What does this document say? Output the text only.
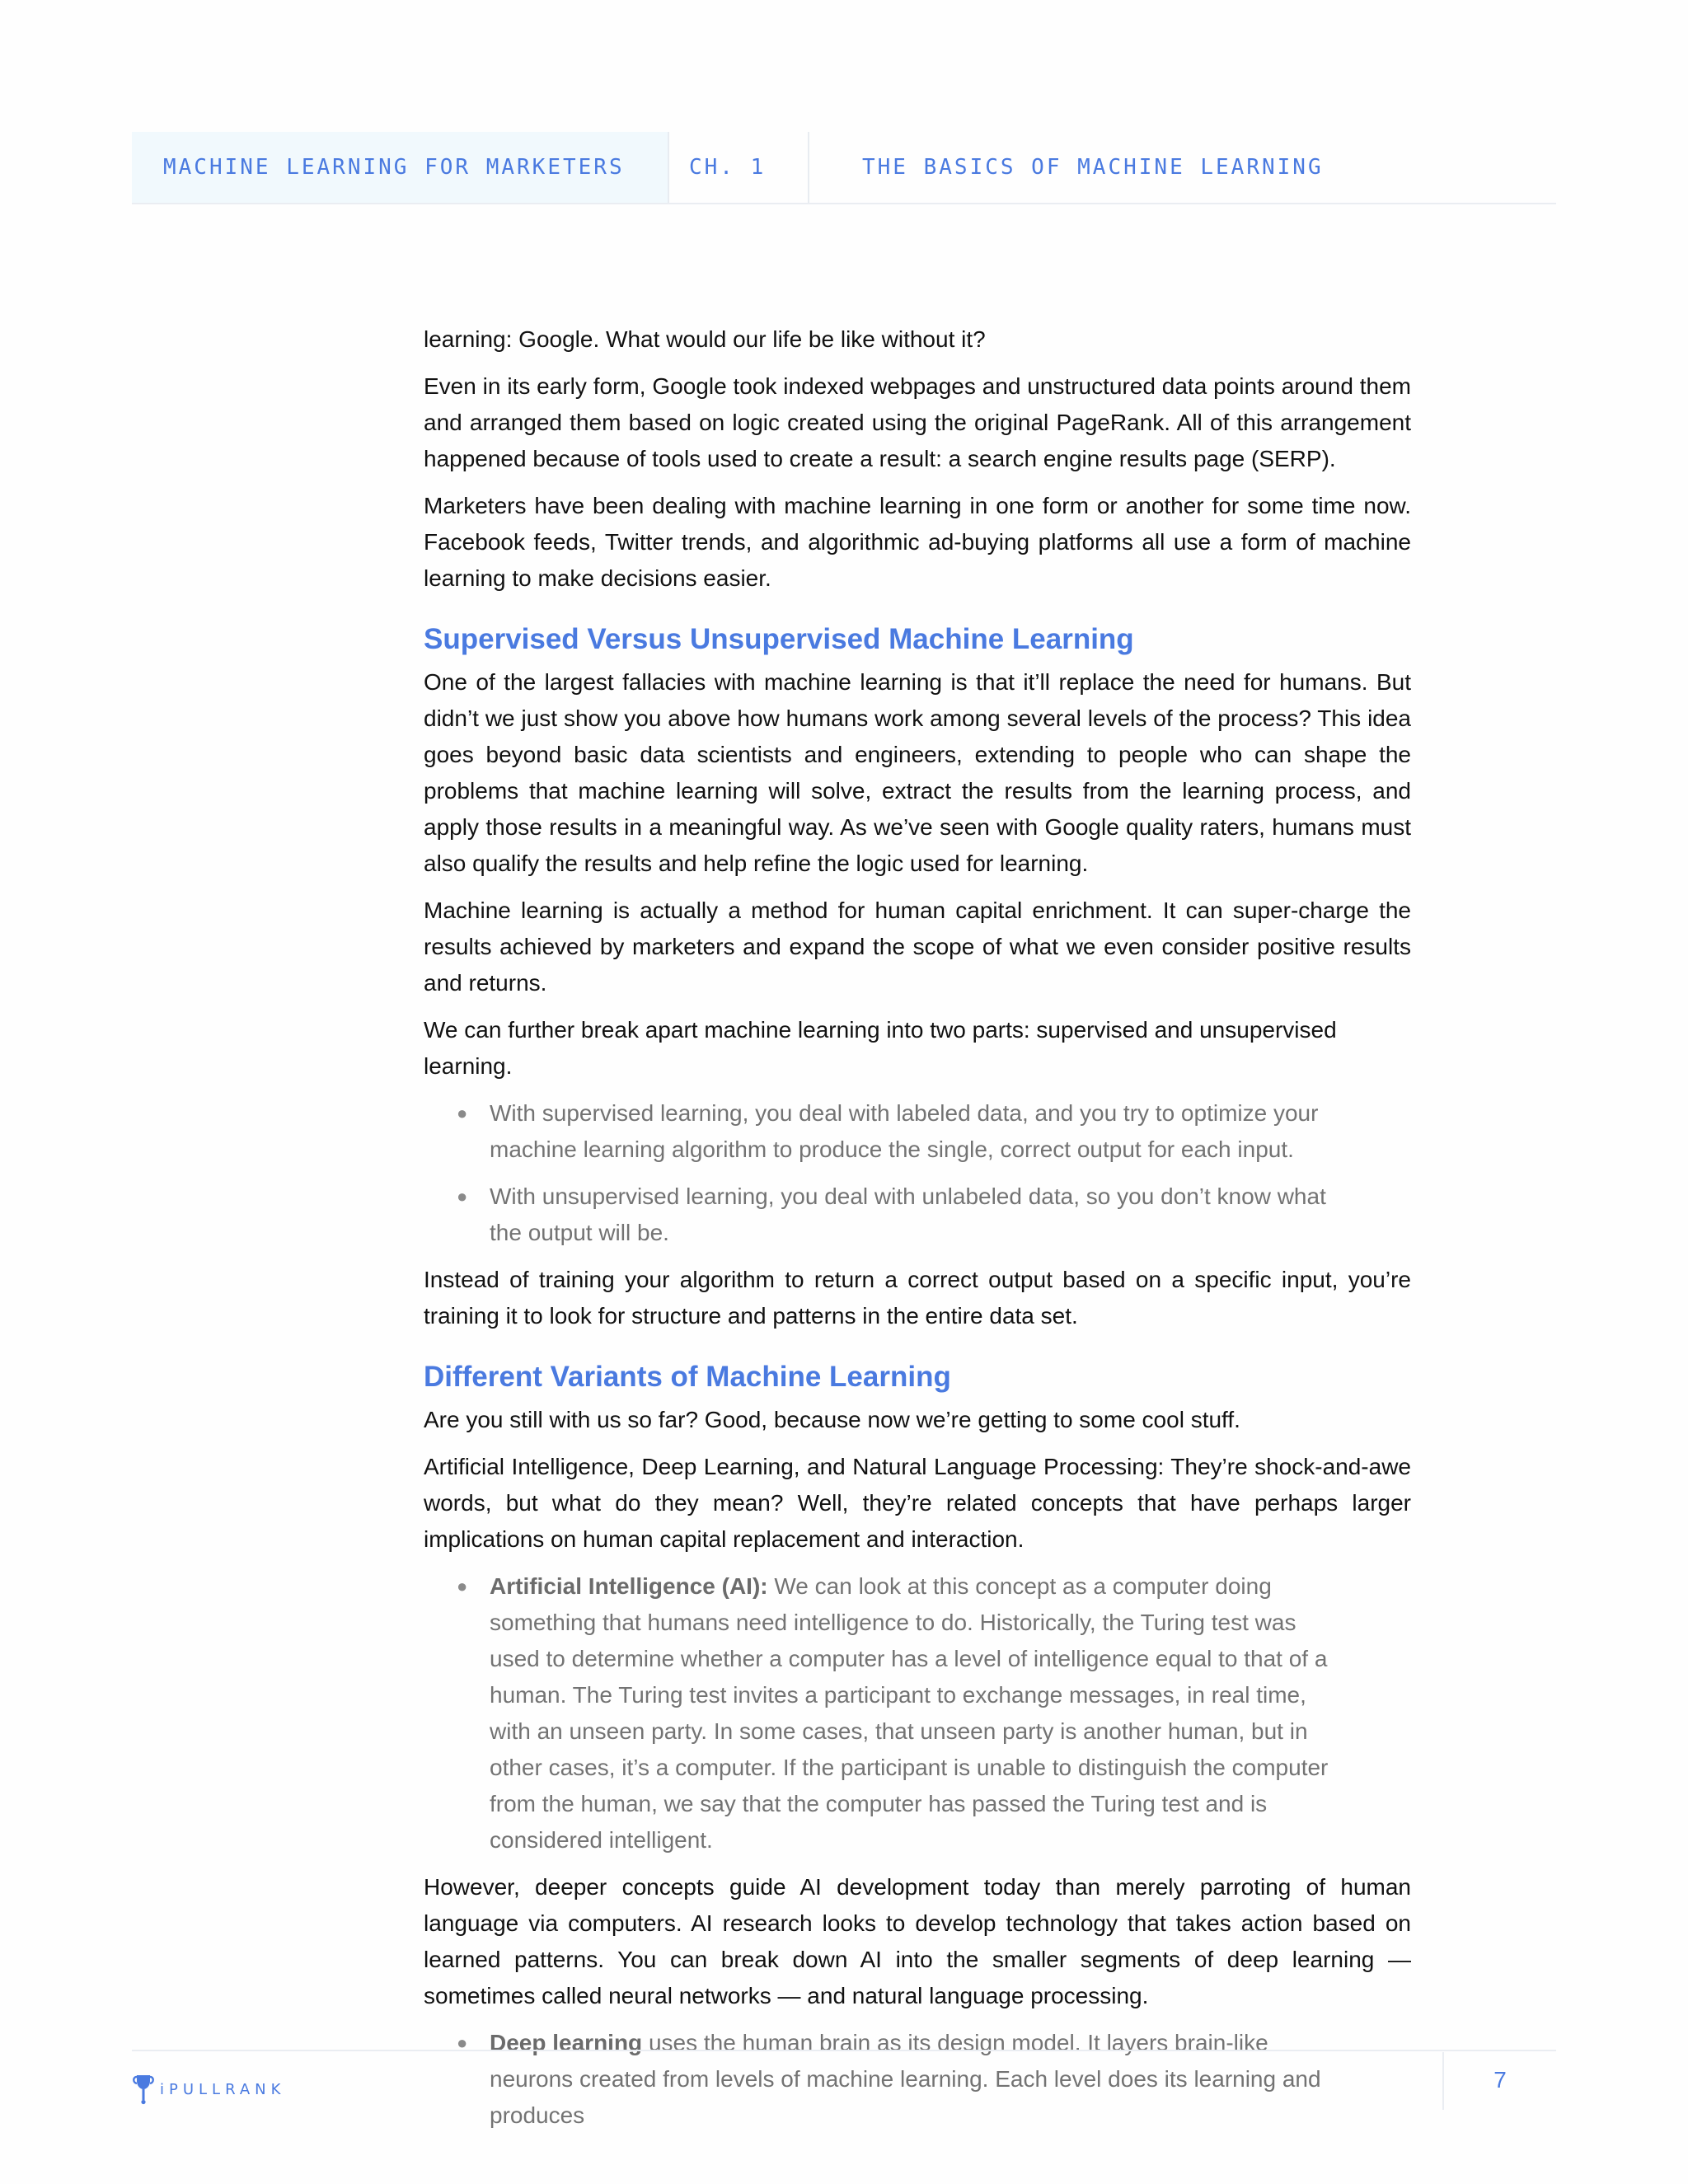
MACHINE LEARNING FOR MARKETERS	CH. 1	THE BASICS OF MACHINE LEARNING

learning: Google. What would our life be like without it?

Even in its early form, Google took indexed webpages and unstructured data points around them and arranged them based on logic created using the original PageRank. All of this arrangement happened because of tools used to create a result: a search engine results page (SERP).

Marketers have been dealing with machine learning in one form or another for some time now. Facebook feeds, Twitter trends, and algorithmic ad-buying platforms all use a form of machine learning to make decisions easier.

Supervised Versus Unsupervised Machine Learning

One of the largest fallacies with machine learning is that it’ll replace the need for humans. But didn’t we just show you above how humans work among several levels of the process? This idea goes beyond basic data scientists and engineers, extending to people who can shape the problems that machine learning will solve, extract the results from the learning process, and apply those results in a meaningful way. As we’ve seen with Google quality raters, humans must also qualify the results and help refine the logic used for learning.

Machine learning is actually a method for human capital enrichment. It can super-charge the results achieved by marketers and expand the scope of what we even consider positive results and returns.

We can further break apart machine learning into two parts: supervised and unsupervised learning.

● With supervised learning, you deal with labeled data, and you try to optimize your machine learning algorithm to produce the single, correct output for each input.
● With unsupervised learning, you deal with unlabeled data, so you don’t know what the output will be.

Instead of training your algorithm to return a correct output based on a specific input, you’re training it to look for structure and patterns in the entire data set.

Different Variants of Machine Learning

Are you still with us so far? Good, because now we’re getting to some cool stuff.

Artificial Intelligence, Deep Learning, and Natural Language Processing: They’re shock-and-awe words, but what do they mean? Well, they’re related concepts that have perhaps larger implications on human capital replacement and interaction.

● Artificial Intelligence (AI): We can look at this concept as a computer doing something that humans need intelligence to do. Historically, the Turing test was used to determine whether a computer has a level of intelligence equal to that of a human. The Turing test invites a participant to exchange messages, in real time, with an unseen party. In some cases, that unseen party is another human, but in other cases, it’s a computer. If the participant is unable to distinguish the computer from the human, we say that the computer has passed the Turing test and is considered intelligent.

However, deeper concepts guide AI development today than merely parroting of human language via computers. AI research looks to develop technology that takes action based on learned patterns. You can break down AI into the smaller segments of deep learning — sometimes called neural networks — and natural language processing.

● Deep learning uses the human brain as its design model. It layers brain-like neurons created from levels of machine learning. Each level does its learning and produces
iPULLRANK	7
